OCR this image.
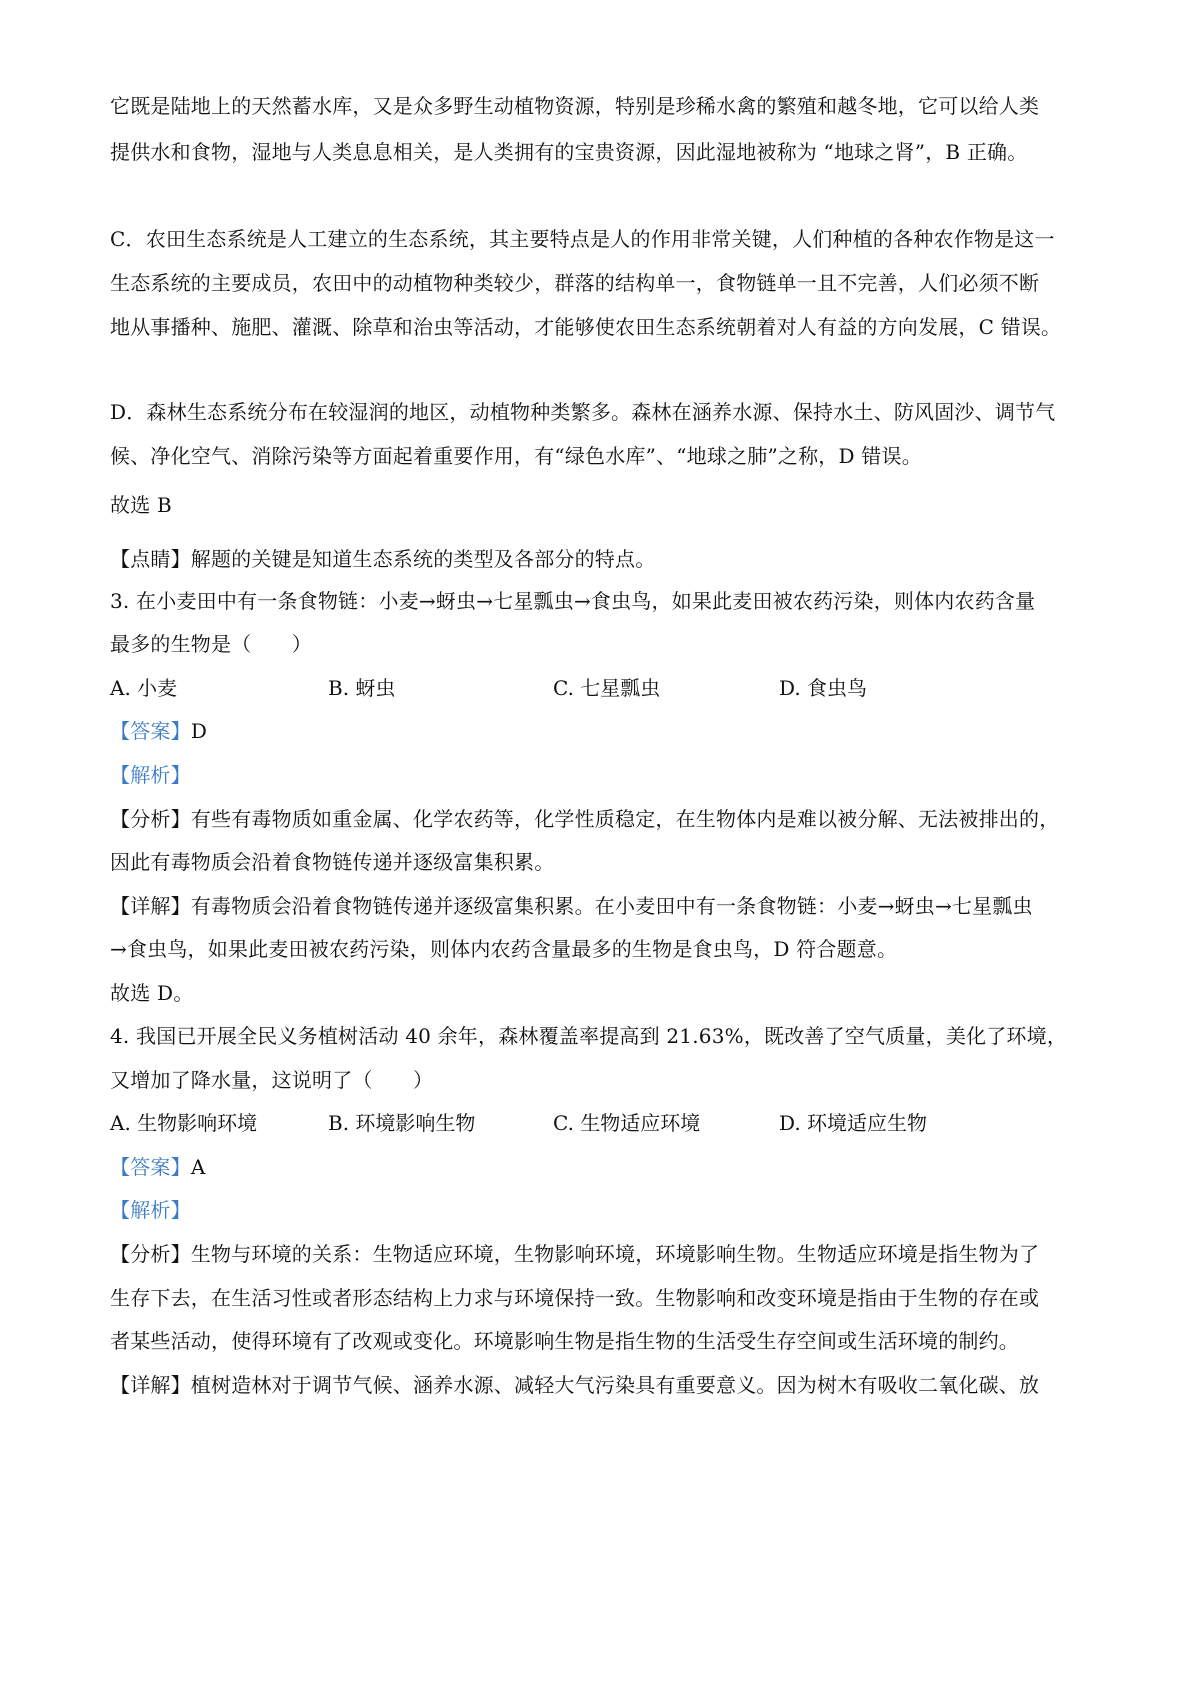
它既是陆地上的天然蓄水库，又是众多野生动植物资源，特别是珍稀水禽的繁殖和越冬地，它可以给人类
提供水和食物，湿地与人类息息相关，是人类拥有的宝贵资源，因此湿地被称为 “地球之肾”，B 正确。
C．农田生态系统是人工建立的生态系统，其主要特点是人的作用非常关键，人们种植的各种农作物是这一
生态系统的主要成员，农田中的动植物种类较少，群落的结构单一，食物链单一且不完善，人们必须不断
地从事播种、施肥、灌溉、除草和治虫等活动，才能够使农田生态系统朝着对人有益的方向发展，C 错误。
D．森林生态系统分布在较湿润的地区，动植物种类繁多。森林在涵养水源、保持水土、防风固沙、调节气
候、净化空气、消除污染等方面起着重要作用，有“绿色水库”、“地球之肺”之称，D 错误。
故选 B
【点睛】解题的关键是知道生态系统的类型及各部分的特点。
3. 在小麦田中有一条食物链：小麦→蚜虫→七星瓢虫→食虫鸟，如果此麦田被农药污染，则体内农药含量
最多的生物是（　　）
A. 小麦	B. 蚜虫	C. 七星瓢虫	D. 食虫鸟
【答案】D
【解析】
【分析】有些有毒物质如重金属、化学农药等，化学性质稳定，在生物体内是难以被分解、无法被排出的，
因此有毒物质会沿着食物链传递并逐级富集积累。
【详解】有毒物质会沿着食物链传递并逐级富集积累。在小麦田中有一条食物链：小麦→蚜虫→七星瓢虫
→食虫鸟，如果此麦田被农药污染，则体内农药含量最多的生物是食虫鸟，D 符合题意。
故选 D。
4. 我国已开展全民义务植树活动 40 余年，森林覆盖率提高到 21.63%，既改善了空气质量，美化了环境，
又增加了降水量，这说明了（　　）
A. 生物影响环境	B. 环境影响生物	C. 生物适应环境	D. 环境适应生物
【答案】A
【解析】
【分析】生物与环境的关系：生物适应环境，生物影响环境，环境影响生物。生物适应环境是指生物为了
生存下去，在生活习性或者形态结构上力求与环境保持一致。生物影响和改变环境是指由于生物的存在或
者某些活动，使得环境有了改观或变化。环境影响生物是指生物的生活受生存空间或生活环境的制约。
【详解】植树造林对于调节气候、涵养水源、减轻大气污染具有重要意义。因为树木有吸收二氧化碳、放
